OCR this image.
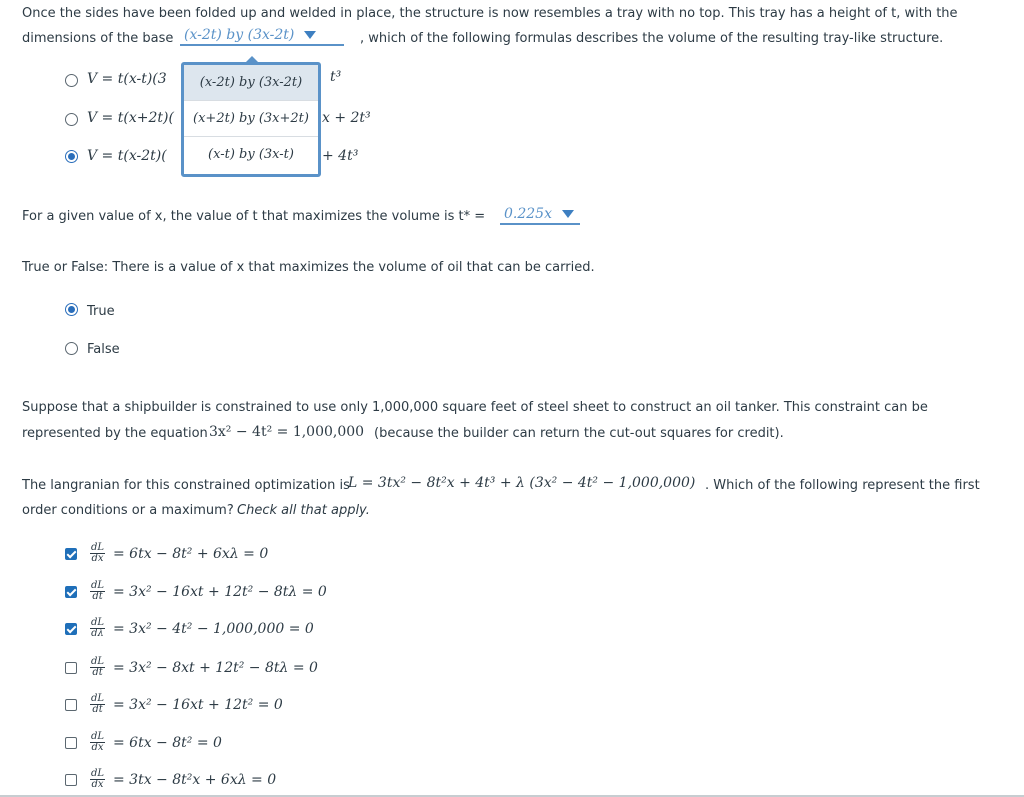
Once the sides have been folded up and welded in place, the structure is now resembles a tray with no top. This tray has a height of t, with the
dimensions of the base (x-2t) by (3x-2t)	, which of the following formulas describes the volume of the resulting tray-like structure.
V = t(x-t)(3	t³
V = t(x+2t)(	x + 2t³
V = t(x-2t)(	+ 4t³
(x-2t) by (3x-2t)
(x+2t) by (3x+2t)
(x-t) by (3x-t)
For a given value of x, the value of t that maximizes the volume is t* = 0.225x
True or False: There is a value of x that maximizes the volume of oil that can be carried.
True
False
Suppose that a shipbuilder is constrained to use only 1,000,000 square feet of steel sheet to construct an oil tanker. This constraint can be
represented by the equation 3x² − 4t² = 1,000,000 (because the builder can return the cut-out squares for credit).
The langranian for this constrained optimization is
L = 3tx² − 8t²x + 4t³ + λ (3x² − 4t² − 1,000,000) . Which of the following represent the first
order conditions or a maximum? Check all that apply.
$\frac{dL}{dx} = 6tx - 8t^2 + 6x\lambda = 0$
$\frac{dL}{dt} = 3x^2 - 16xt + 12t^2 - 8t\lambda = 0$
$\frac{dL}{d\lambda} = 3x^2 - 4t^2 - 1,000,000 = 0$
$\frac{dL}{dt} = 3x^2 - 8xt + 12t^2 - 8t\lambda = 0$
$\frac{dL}{dt} = 3x^2 - 16xt + 12t^2 = 0$
$\frac{dL}{dx} = 6tx - 8t^2 = 0$
$\frac{dL}{dx} = 3tx - 8t^2x + 6x\lambda = 0$
